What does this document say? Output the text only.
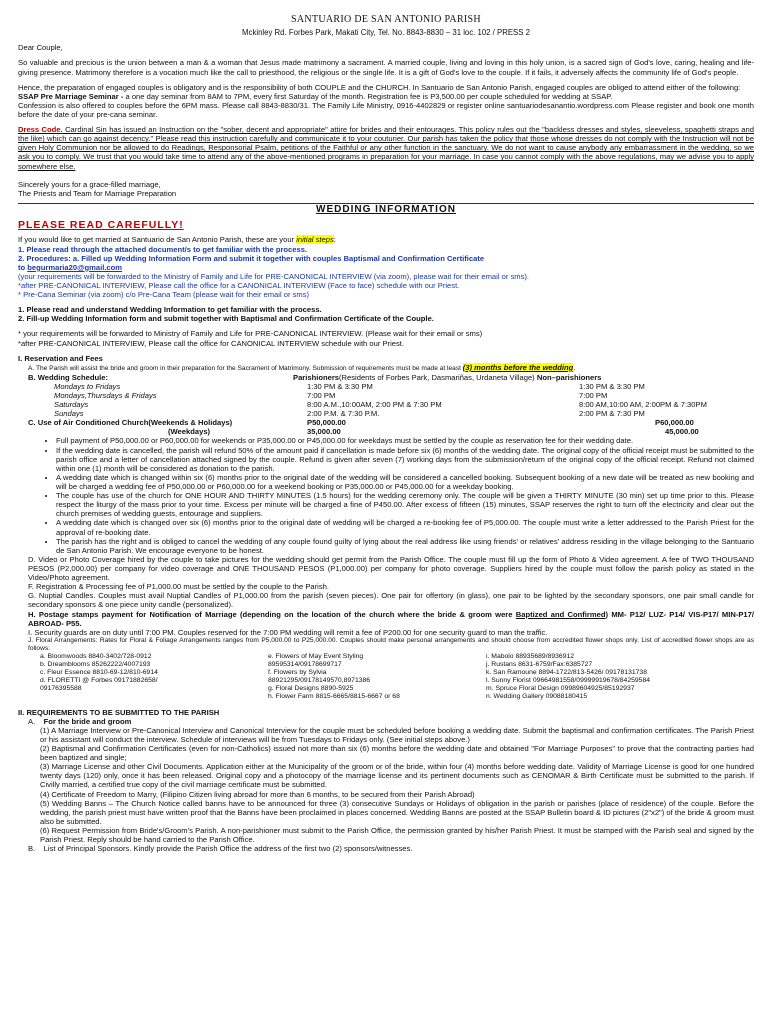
SANTUARIO DE SAN ANTONIO PARISH
Mckinley Rd. Forbes Park, Makati City, Tel. No. 8843-8830 – 31 loc. 102 / PRESS 2

Dear Couple,

So valuable and precious is the union between a man & a woman that Jesus made matrimony a sacrament. A married couple, living and loving in this holy union, is a sacred sign of God's love, caring, healing and life-giving presence. Matrimony therefore is a vocation much like the call to priesthood, the religious or the single life. It is a gift of God's love to the couple. If it fails, it adversely affects the community life of God's people.

Hence, the preparation of engaged couples is obligatory and is the responsibility of both COUPLE and the CHURCH. In Santuario de San Antonio Parish, engaged couples are obliged to attend either of the following:

SSAP Pre Marriage Seminar - a one day seminar from 8AM to 7PM, every first Saturday of the month. Registration fee is P3,500.00 per couple scheduled for wedding at SSAP.

Confession is also offered to couples before the 6PM mass. Please call 8843-8830/31. The Family Life Ministry, 0916-4402829 or register online santuariodesanantio.wordpress.com Please register and book one month before the date of your pre-cana seminar.

Dress Code. Cardinal Sin has issued an Instruction on the "sober, decent and appropriate" attire for brides and their entourages. This policy rules out the "backless dresses and styles, sleeveless, spaghetti straps and the like) which can go against decency." Please read this instruction carefully and communicate it to your couturier. Our parish has taken the policy that those whose dresses do not comply with the Instruction will not be given Holy Communion nor be allowed to do Readings, Responsorial Psalm, petitions of the Faithful or any other function in the sanctuary. We do not want to cause anybody any embarrassment in the wedding, so we ask you to comply. We trust that you would take time to attend any of the above-mentioned programs in preparation for your marriage. In case you cannot comply with the above regulations, may we advise you to apply somewhere else.

Sincerely yours for a grace-filled marriage,

The Priests and Team for Marriage Preparation

WEDDING INFORMATION
PLEASE READ CAREFULLY!

If you would like to get married at Santuario de San Antonio Parish, these are your initial steps:

1. Please read through the attached document/s to get familiar with the process.

2. Procedures: a. Filled up Wedding Information Form and submit it together with couples Baptismal and Confirmation Certificate

to begurmaria20@gmail.com

(your requirements will be forwarded to the Ministry of Family and Life for PRE-CANONICAL INTERVIEW (via zoom), please wait for their email or sms).

*after PRE-CANONICAL INTERVIEW, Please call the office for a CANONICAL INTERVIEW (Face to face) schedule with our Priest.

* Pre-Cana Seminar (via zoom) c/o Pre-Cana Team (please wait for their email or sms)

1. Please read and understand Wedding Information to get familiar with the process.

2. Fill-up Wedding Information form and submit together with Baptismal and Confirmation Certificate of the Couple.

* your requirements will be forwarded to Ministry of Family and Life for PRE-CANONICAL INTERVIEW. (Please wait for their email or sms)

*after PRE-CANONICAL INTERVIEW, Please call the office for CANONICAL INTERVIEW schedule with our Priest.

I. Reservation and Fees

A. The Parish will assist the bride and groom in their preparation for the Sacrament of Matrimony. Submission of requirements must be made at least (3) months before the wedding.

B. Wedding Schedule:	Parishioners(Residents of Forbes Park, Dasmariñas, Urdaneta Village) Non–parishioners
Mondays to Fridays	1:30 PM & 3:30 PM	1:30 PM & 3:30 PM
Mondays,Thursdays & Fridays	7:00 PM	7:00 PM
Saturdays	8:00 A.M.,10:00AM, 2:00 PM & 7:30 PM	8:00 AM,10:00 AM, 2:00PM & 7:30PM
Sundays	2:00 P.M. & 7:30 P.M.	2:00 PM & 7:30 PM
C. Use of Air Conditioned Church(Weekends & Holidays)	P50,000.00	P60,000.00
(Weekdays)	35,000.00	45,000.00
• Full payment of P50,000.00 or P60,000.00 for weekends or P35,000.00 or P45,000.00 for weekdays must be settled by the couple as reservation fee for their wedding date.
• If the wedding date is cancelled, the parish will refund 50% of the amount paid if cancellation is made before six (6) months of the wedding date. The original copy of the official receipt must be submitted to the parish office and a letter of cancellation attached signed by the couple. Refund is given after seven (7) working days from the submission/return of the original copy of the official receipt. Refund not claimed within one (1) month will be considered as donation to the parish.
• A wedding date which is changed within six (6) months prior to the original date of the wedding will be considered a cancelled booking. Subsequent booking of a new date will be treated as new booking and will be charged a wedding fee of P50,000.00 or P60,000.00 for a weekend booking or P35,000.00 or P45,000.00 for a weekday booking.
• The couple has use of the church for ONE HOUR AND THIRTY MINUTES (1.5 hours) for the wedding ceremony only. The couple will be given a THIRTY MINUTE (30 min) set up time prior to this. Please respect the liturgy of the mass prior to your time. Excess per minute will be charged a fine of P450.00. After excess of fifteen (15) minutes, SSAP reserves the right to turn off the electricity and clear out the church premises of wedding guests, entourage and suppliers.
• A wedding date which is changed over six (6) months prior to the original date of wedding will be charged a re-booking fee of P5,000.00. The couple must write a letter addressed to the Parish Priest for the approval of re-booking date.
• The parish has the right and is obliged to cancel the wedding of any couple found guilty of lying about the real address like using friends' or relatives' address residing in the village belonging to the Santuario de San Antonio Parish. We encourage everyone to be honest.

D. Video or Photo Coverage hired by the couple to take pictures for the wedding should get permit from the Parish Office. The couple must fill up the form of Photo & Video agreement. A fee of TWO THOUSAND PESOS (P2,000.00) per company for video coverage and ONE THOUSAND PESOS (P1,000.00) per company for photo coverage. Suppliers hired by the couple must follow the parish policy as stated in the Video/Photo agreement.

F. Registration & Processing fee of P1,000.00 must be settled by the couple to the Parish.

G. Nuptial Candles. Couples must avail Nuptial Candles of P1,000.00 from the parish (seven pieces). One pair for offertory (in glass), one pair to be lighted by the secondary sponsors, one pair small candle for secondary sponsors & one piece unity candle (personalized).

H. Postage stamps payment for Notification of Marriage (depending on the location of the church where the bride & groom were Baptized and Confirmed) MM- P12/ LUZ- P14/ VIS-P17/ MIN-P17/ ABROAD- P55.

I. Security guards are on duty until 7:00 PM. Couples reserved for the 7:00 PM wedding will remit a fee of P200.00 for one security guard to man the traffic.

J. Floral Arrangements: Rates for Floral & Foliage Arrangements ranges from P5,000.00 to P25,000.00. Couples should make personal arrangements and should choose from accredited flower shops only. List of accredited flower shops are as follows:

a. Bloomwoods 8840-3402/728-0912	e. Flowers of May Event Styling	i. Mabolo 88935689/8936912
b. Dreamblooms 85262222/4007193	89595314/09178699717	j. Rustans 8631-6759/Fax:6385727
c. Fleur Essence 8810-69-12/810-6914	f. Flowers by Sylvia	k. San Ramoune 8894-1722/813-5426/ 09178131738
d. FLORETTI @ Forbes 09171882658/	88921295/09178149570,8971386	l. Sunny Florist 09664981558/09999919678/84259584
09176395588	g. Floral Designs 8890-5925	m. Spruce Floral Design 09989604925/85192937
h. Flower Farm 8815-6665/8815-6667 or 68	n. Wedding Gallery 09088180415

II. REQUIREMENTS TO BE SUBMITTED TO THE PARISH

A. For the bride and groom

(1) A Marriage Interview or Pre-Canonical Interview and Canonical Interview for the couple must be scheduled before booking a wedding date. Submit the baptismal and confirmation certificates. The Parish Priest or his assistant will conduct the interview. Schedule of interviews will be from Tuesdays to Fridays only. (See initial steps above.)

(2) Baptismal and Confirmation Certificates (even for non-Catholics) issued not more than six (6) months before the wedding date and obtained "For Marriage Purposes" to prove that the contracting parties had been baptized and single;

(3) Marriage License and other Civil Documents. Application either at the Municipality of the groom or of the bride, within four (4) months before wedding date. Validity of Marriage License is good for one hundred twenty days (120) only, once it has been released. Original copy and a photocopy of the marriage license and its pertinent documents such as CENOMAR & Birth Certificate must be submitted to the parish. If Civilly married, a certified true copy of the civil marriage certificate must be submitted.

(4) Certificate of Freedom to Marry, (Filipino Citizen living abroad for more than 6 months, to be secured from their Parish Abroad)

(5) Wedding Banns – The Church Notice called banns have to be announced for three (3) consecutive Sundays or Holidays of obligation in the parish or parishes (place of residence) of the couple. Before the wedding, the parish priest must have written proof that the Banns have been proclaimed in places concerned. Wedding Banns are posted at the SSAP Bulletin board & ID pictures (2"x2") of the bride & groom must also be submitted.

(6) Request Permission from Bride's/Groom's Parish. A non-parishioner must submit to the Parish Office, the permission granted by his/her Parish Priest. It must be stamped with the Parish seal and signed by the Parish Priest. Reply should be hand carried to the Parish Office.

B. List of Principal Sponsors. Kindly provide the Parish Office the address of the first two (2) sponsors/witnesses.
